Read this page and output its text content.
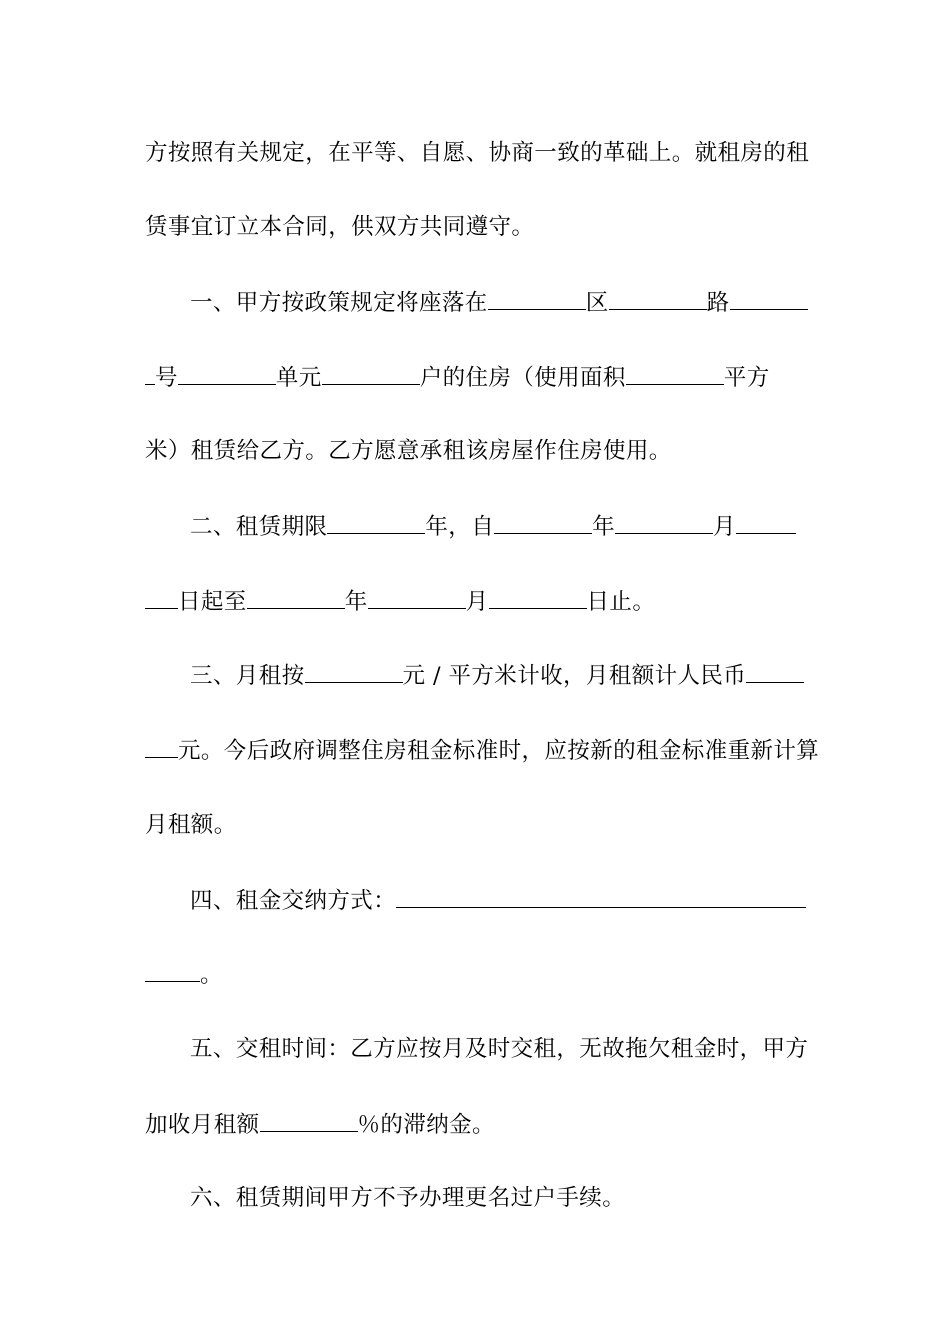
方按照有关规定，在平等、自愿、协商一致的革础上。就租房的租
赁事宜订立本合同，供双方共同遵守。
一、甲方按政策规定将座落在	区	路
号	单元	户的住房（使用面积	平方
米）租赁给乙方。乙方愿意承租该房屋作住房使用。
二、租赁期限	年，自	年	月
日起至	年	月	日止。
三、月租按	元 / 平方米计收，月租额计人民币
元。今后政府调整住房租金标准时，应按新的租金标准重新计算
月租额。
四、租金交纳方式：
。
五、交租时间：乙方应按月及时交租，无故拖欠租金时，甲方
加收月租额	％的滞纳金。
六、租赁期间甲方不予办理更名过户手续。
